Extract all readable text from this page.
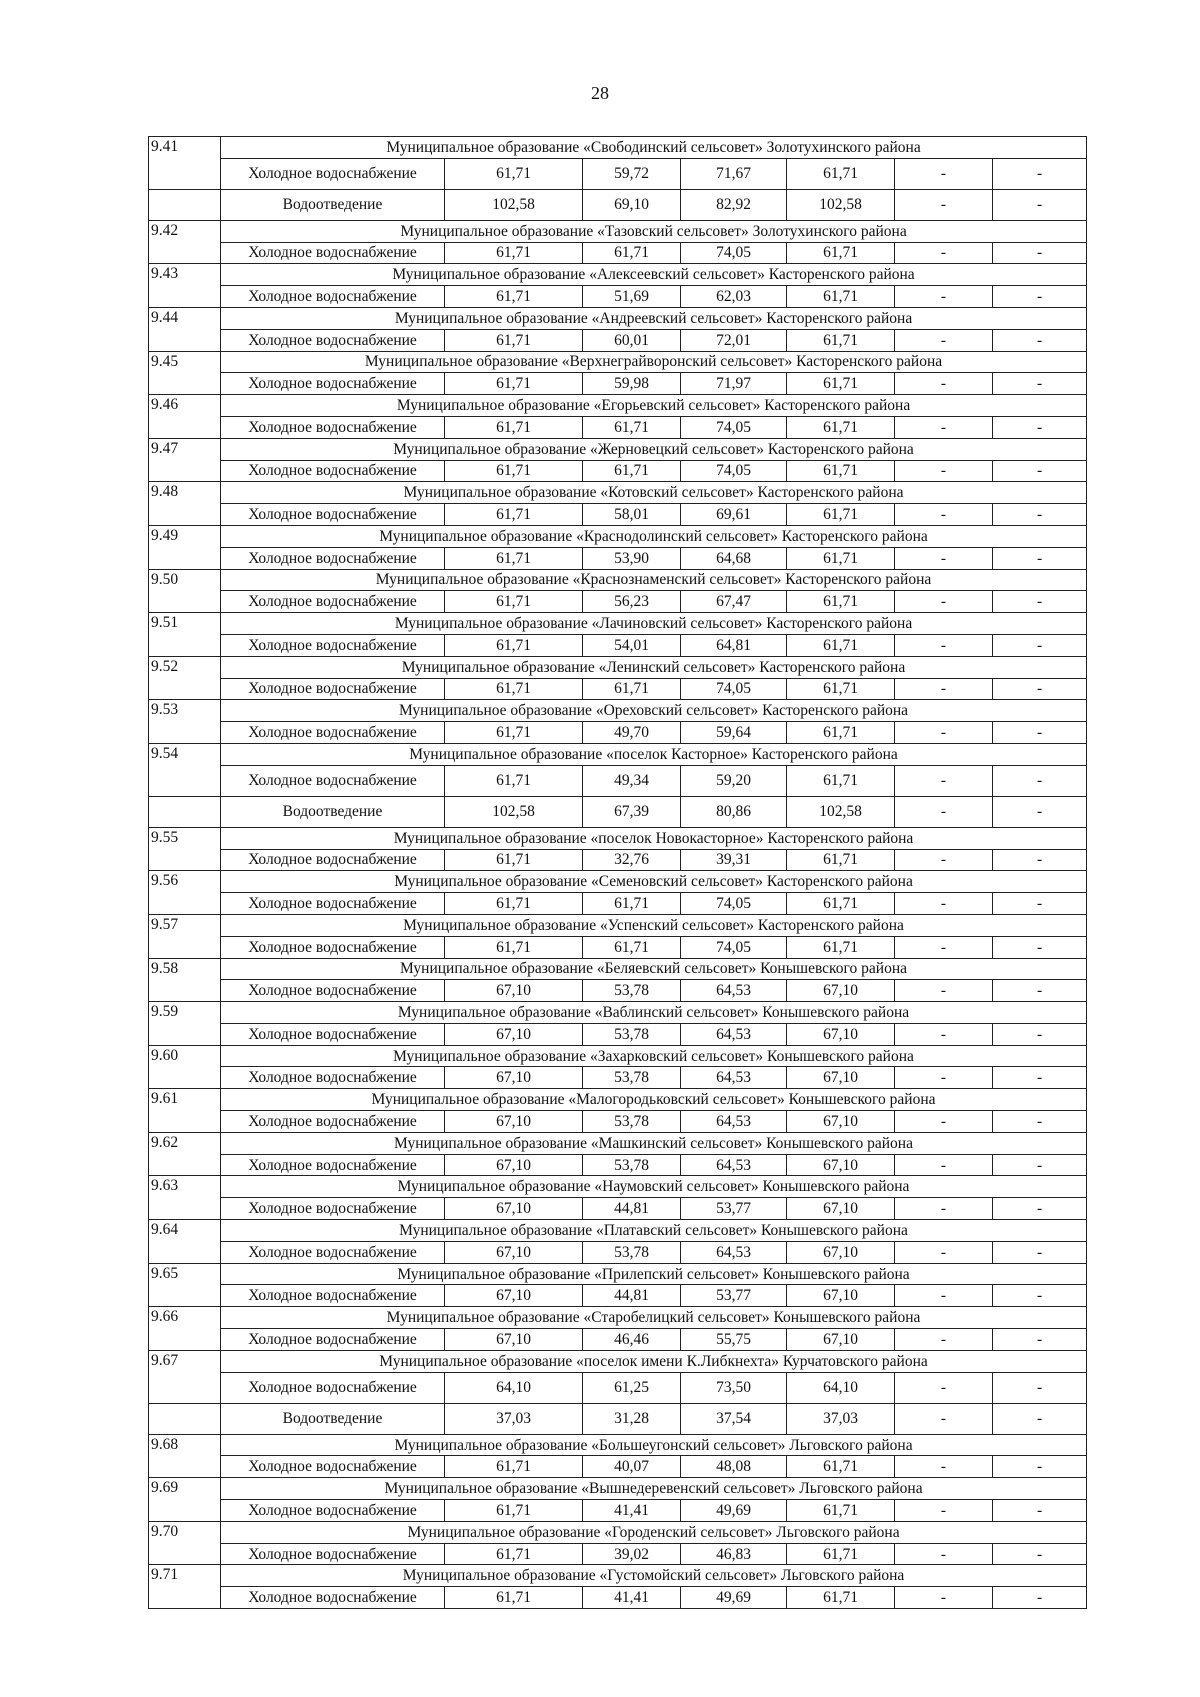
28
9.41	Муниципальное образование «Свободинский сельсовет» Золотухинского района						
	Холодное водоснабжение	61,71	59,72	71,67	61,71	-	-
	Водоотведение	102,58	69,10	82,92	102,58	-	-
9.42	Муниципальное образование «Тазовский сельсовет» Золотухинского района						
	Холодное водоснабжение	61,71	61,71	74,05	61,71	-	-
9.43	Муниципальное образование «Алексеевский сельсовет» Касторенского района						
	Холодное водоснабжение	61,71	51,69	62,03	61,71	-	-
9.44	Муниципальное образование «Андреевский сельсовет» Касторенского района						
	Холодное водоснабжение	61,71	60,01	72,01	61,71	-	-
9.45	Муниципальное образование «Верхнеграйворонский сельсовет» Касторенского района						
	Холодное водоснабжение	61,71	59,98	71,97	61,71	-	-
9.46	Муниципальное образование «Егорьевский сельсовет» Касторенского района						
	Холодное водоснабжение	61,71	61,71	74,05	61,71	-	-
9.47	Муниципальное образование «Жерновецкий сельсовет» Касторенского района						
	Холодное водоснабжение	61,71	61,71	74,05	61,71	-	-
9.48	Муниципальное образование «Котовский сельсовет» Касторенского района						
	Холодное водоснабжение	61,71	58,01	69,61	61,71	-	-
9.49	Муниципальное образование «Краснодолинский сельсовет» Касторенского района						
	Холодное водоснабжение	61,71	53,90	64,68	61,71	-	-
9.50	Муниципальное образование «Краснознаменский сельсовет» Касторенского района						
	Холодное водоснабжение	61,71	56,23	67,47	61,71	-	-
9.51	Муниципальное образование «Лачиновский сельсовет» Касторенского района						
	Холодное водоснабжение	61,71	54,01	64,81	61,71	-	-
9.52	Муниципальное образование «Ленинский сельсовет» Касторенского района						
	Холодное водоснабжение	61,71	61,71	74,05	61,71	-	-
9.53	Муниципальное образование «Ореховский сельсовет» Касторенского района						
	Холодное водоснабжение	61,71	49,70	59,64	61,71	-	-
9.54	Муниципальное образование «поселок Касторное» Касторенского района						
	Холодное водоснабжение	61,71	49,34	59,20	61,71	-	-
	Водоотведение	102,58	67,39	80,86	102,58	-	-
9.55	Муниципальное образование «поселок Новокасторное» Касторенского района						
	Холодное водоснабжение	61,71	32,76	39,31	61,71	-	-
9.56	Муниципальное образование «Семеновский сельсовет» Касторенского района						
	Холодное водоснабжение	61,71	61,71	74,05	61,71	-	-
9.57	Муниципальное образование «Успенский сельсовет» Касторенского района						
	Холодное водоснабжение	61,71	61,71	74,05	61,71	-	-
9.58	Муниципальное образование «Беляевский сельсовет» Конышевского района						
	Холодное водоснабжение	67,10	53,78	64,53	67,10	-	-
9.59	Муниципальное образование «Ваблинский сельсовет» Конышевского района						
	Холодное водоснабжение	67,10	53,78	64,53	67,10	-	-
9.60	Муниципальное образование «Захарковский сельсовет» Конышевского района						
	Холодное водоснабжение	67,10	53,78	64,53	67,10	-	-
9.61	Муниципальное образование «Малогородьковский сельсовет» Конышевского района						
	Холодное водоснабжение	67,10	53,78	64,53	67,10	-	-
9.62	Муниципальное образование «Машкинский сельсовет» Конышевского района						
	Холодное водоснабжение	67,10	53,78	64,53	67,10	-	-
9.63	Муниципальное образование «Наумовский сельсовет» Конышевского района						
	Холодное водоснабжение	67,10	44,81	53,77	67,10	-	-
9.64	Муниципальное образование «Платавский сельсовет» Конышевского района						
	Холодное водоснабжение	67,10	53,78	64,53	67,10	-	-
9.65	Муниципальное образование «Прилепский сельсовет» Конышевского района						
	Холодное водоснабжение	67,10	44,81	53,77	67,10	-	-
9.66	Муниципальное образование «Старобелицкий сельсовет» Конышевского района						
	Холодное водоснабжение	67,10	46,46	55,75	67,10	-	-
9.67	Муниципальное образование «поселок имени К.Либкнехта» Курчатовского района						
	Холодное водоснабжение	64,10	61,25	73,50	64,10	-	-
	Водоотведение	37,03	31,28	37,54	37,03	-	-
9.68	Муниципальное образование «Большеугонский сельсовет» Льговского района						
	Холодное водоснабжение	61,71	40,07	48,08	61,71	-	-
9.69	Муниципальное образование «Вышнедеревенский сельсовет» Льговского района						
	Холодное водоснабжение	61,71	41,41	49,69	61,71	-	-
9.70	Муниципальное образование «Городенский сельсовет» Льговского района						
	Холодное водоснабжение	61,71	39,02	46,83	61,71	-	-
9.71	Муниципальное образование «Густомойский сельсовет» Льговского района						
	Холодное водоснабжение	61,71	41,41	49,69	61,71	-	-
